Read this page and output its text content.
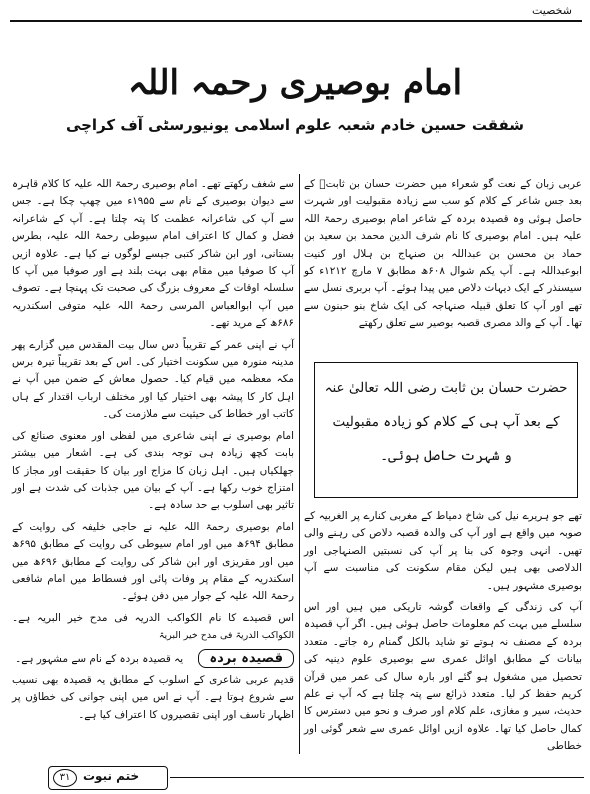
شخصیت
امام بوصیری رحمہ اللہ
شفقت حسین خادم شعبہ علوم اسلامی یونیورسٹی آف کراچی

عربی زبان کے نعت گو شعراء میں حضرت حسان بن ثابتؓ کے بعد جس شاعر کے کلام کو سب سے زیادہ مقبولیت اور شہرت حاصل ہوئی وہ قصیدہ بردہ کے شاعر امام بوصیری رحمۃ اللہ علیہ ہیں۔ امام بوصیری کا نام شرف الدین محمد بن سعید بن حماد بن محسن بن عبداللہ بن صنہاج بن ہلال اور کنیت ابوعبداللہ ہے۔ آپ یکم شوال ۶۰۸ھ مطابق ۷ مارچ ۱۲۱۲ء کو سیسنذر کے ایک دیہات دلاص میں پیدا ہوئے۔ آپ بربری نسل سے تھے اور آپ کا تعلق قبیلہ صنہاجہ کی ایک شاخ بنو حبنون سے تھا۔ آپ کے والد مصری قصبہ بوصیر سے تعلق رکھتے

حضرت حسان بن ثابت رضی اللہ تعالیٰ عنہ
کے بعد آپ ہی کے کلام کو زیادہ مقبولیت
و شہرت حاصل ہوئی۔

تھے جو ہریرے نیل کی شاخ دمیاط کے مغربی کنارے پر الغربیہ کے صوبہ میں واقع ہے اور آپ کی والدہ قصبہ دلاص کی رہنے والی تھیں۔ انہی وجوہ کی بنا پر آپ کی نسبتیں الصنہاجی اور الدلاصی بھی ہیں لیکن مقام سکونت کی مناسبت سے آپ بوصیری مشہور ہیں۔

آپ کی زندگی کے واقعات گوشہ تاریکی میں ہیں اور اس سلسلے میں بہت کم معلومات حاصل ہوئی ہیں۔ اگر آپ قصیدہ بردہ کے مصنف نہ ہوتے تو شاید بالکل گمنام رہ جاتے۔ متعدد بیانات کے مطابق اوائل عمری سے بوصیری علوم دینیہ کی تحصیل میں مشغول ہو گئے اور بارہ سال کی عمر میں قرآن کریم حفظ کر لیا۔ متعدد ذرائع سے پتہ چلتا ہے کہ آپ نے علم حدیث، سیر و مغازی، علم کلام اور صرف و نحو میں دسترس کا کمال حاصل کیا تھا۔ علاوہ ازیں اوائل عمری سے شعر گوئی اور خطاطی

سے شغف رکھتے تھے۔ امام بوصیری رحمۃ اللہ علیہ کا کلام قاہرہ سے دیوان بوصیری کے نام سے ۱۹۵۵ء میں چھپ چکا ہے۔ جس سے آپ کی شاعرانہ عظمت کا پتہ چلتا ہے۔ آپ کے شاعرانہ فضل و کمال کا اعتراف امام سیوطی رحمۃ اللہ علیہ، بطرس بستانی، اور ابن شاکر کتبی جیسے لوگوں نے کیا ہے۔ علاوہ ازیں آپ کا صوفیا میں مقام بھی بہت بلند ہے اور صوفیا میں آپ کا سلسلہ اوقات کے معروف بزرگ کی صحبت تک پہنچا ہے۔ تصوف میں آپ ابوالعباس المرسی رحمۃ اللہ علیہ متوفی اسکندریہ ۶۸۶ھ کے مرید تھے۔

آپ نے اپنی عمر کے تقریباً دس سال بیت المقدس میں گزارے پھر مدینہ منورہ میں سکونت اختیار کی۔ اس کے بعد تقریباً تیرہ برس مکہ معظمہ میں قیام کیا۔ حصول معاش کے ضمن میں آپ نے اہل کار کا پیشہ بھی اختیار کیا اور مختلف ارباب اقتدار کے ہاں کاتب اور خطاط کی حیثیت سے ملازمت کی۔

امام بوصیری نے اپنی شاعری میں لفظی اور معنوی صنائع کی بابت کچھ زیادہ ہی توجہ بندی کی ہے۔ اشعار میں بیشتر جھلکیاں ہیں۔ اہل زبان کا مزاج اور بیان کا حقیقت اور مجاز کا امتزاج خوب رکھا ہے۔ آپ کے بیان میں جذبات کی شدت ہے اور تاثیر بھی اسلوب بے حد سادہ ہے۔

امام بوصیری رحمۃ اللہ علیہ نے حاجی خلیفہ کی روایت کے مطابق ۶۹۴ھ میں اور امام سیوطی کی روایت کے مطابق ۶۹۵ھ میں اور مقریزی اور ابن شاکر کی روایت کے مطابق ۶۹۶ھ میں اسکندریہ کے مقام پر وفات پائی اور فسطاط میں امام شافعی رحمۃ اللہ علیہ کے جوار میں دفن ہوئے۔

اس قصیدے کا نام الکواکب الدریہ فی مدح خیر البریہ ہے۔ الکواکب الدریۃ فی مدح خیر البریۃ

قصیدہ بردہ یہ قصیدہ بردہ کے نام سے مشہور ہے۔

قدیم عربی شاعری کے اسلوب کے مطابق یہ قصیدہ بھی نسیب سے شروع ہوتا ہے۔ آپ نے اس میں اپنی جوانی کی خطاؤں پر اظہار تاسف اور اپنی تقصیروں کا اعتراف کیا ہے۔

۳۱	ختم نبوت
